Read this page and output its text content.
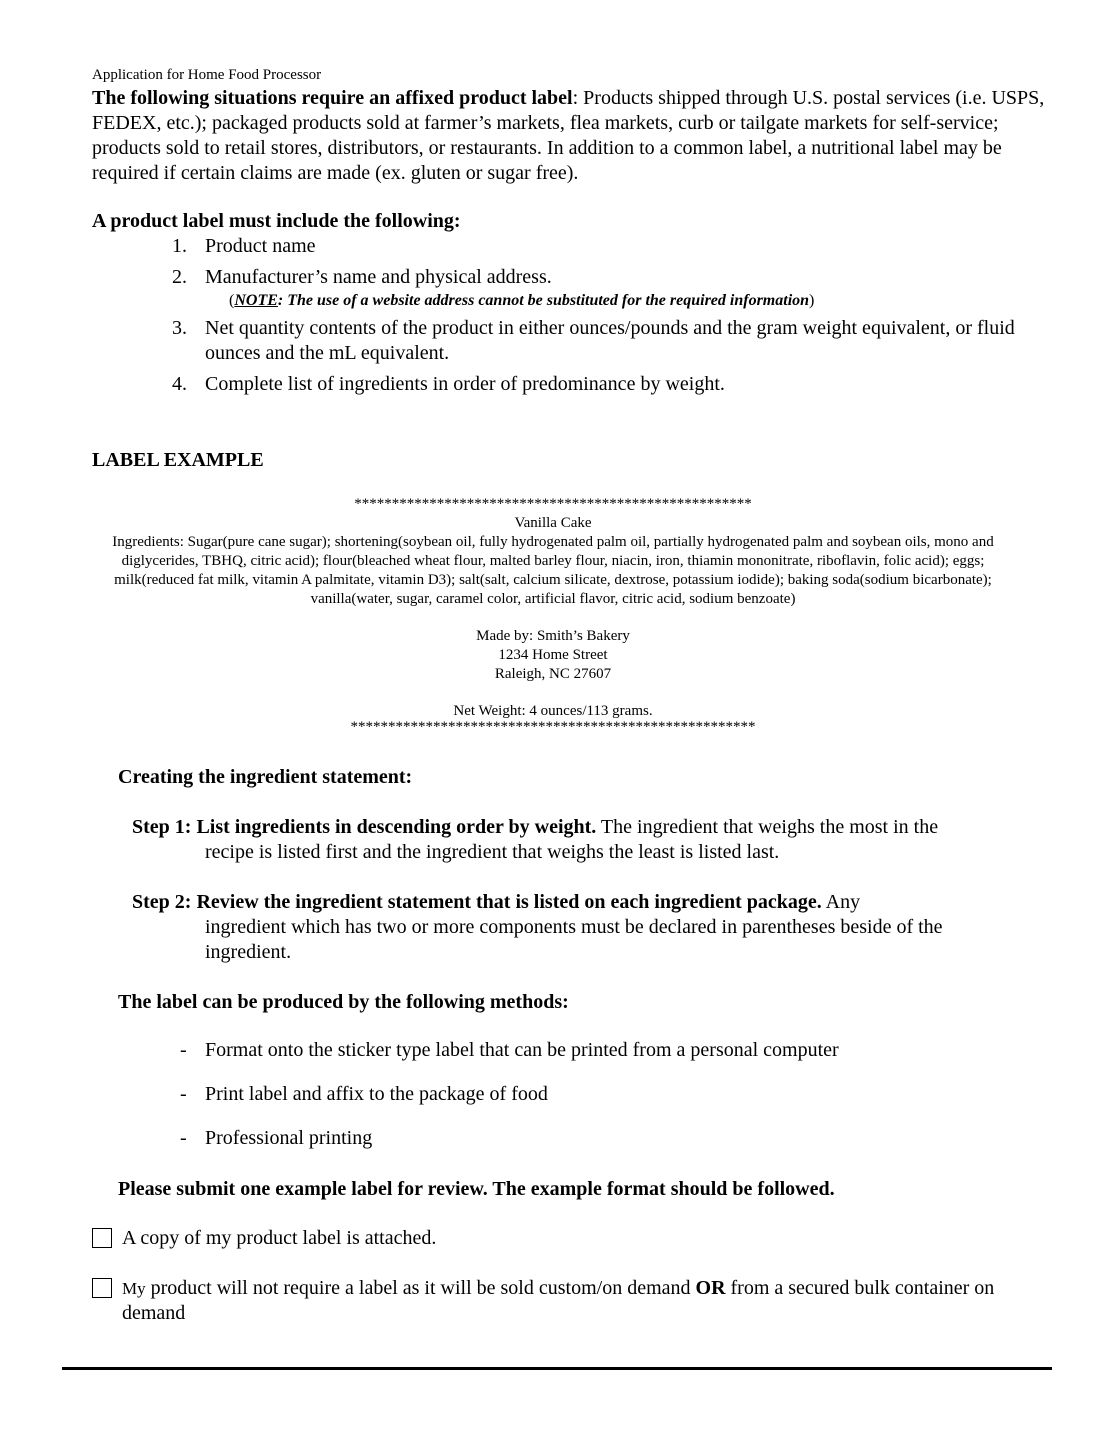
Application for Home Food Processor
The following situations require an affixed product label: Products shipped through U.S. postal services (i.e. USPS, FEDEX, etc.); packaged products sold at farmer’s markets, flea markets, curb or tailgate markets for self-service; products sold to retail stores, distributors, or restaurants. In addition to a common label, a nutritional label may be required if certain claims are made (ex. gluten or sugar free).
A product label must include the following:
1. Product name
2. Manufacturer’s name and physical address.
(NOTE: The use of a website address cannot be substituted for the required information)
3. Net quantity contents of the product in either ounces/pounds and the gram weight equivalent, or fluid ounces and the mL equivalent.
4. Complete list of ingredients in order of predominance by weight.
LABEL EXAMPLE

*****************************************************

Vanilla Cake

Ingredients: Sugar(pure cane sugar); shortening(soybean oil, fully hydrogenated palm oil, partially hydrogenated palm and soybean oils, mono and diglycerides, TBHQ, citric acid); flour(bleached wheat flour, malted barley flour, niacin, iron, thiamin mononitrate, riboflavin, folic acid); eggs; milk(reduced fat milk, vitamin A palmitate, vitamin D3); salt(salt, calcium silicate, dextrose, potassium iodide); baking soda(sodium bicarbonate); vanilla(water, sugar, caramel color, artificial flavor, citric acid, sodium benzoate)

Made by: Smith’s Bakery

1234 Home Street

Raleigh, NC 27607

Net Weight: 4 ounces/113 grams.

******************************************************

Creating the ingredient statement:
Step 1: List ingredients in descending order by weight. The ingredient that weighs the most in the
recipe is listed first and the ingredient that weighs the least is listed last.
Step 2: Review the ingredient statement that is listed on each ingredient package. Any
ingredient which has two or more components must be declared in parentheses beside of the ingredient.
The label can be produced by the following methods:
- Format onto the sticker type label that can be printed from a personal computer
- Print label and affix to the package of food
- Professional printing
Please submit one example label for review. The example format should be followed.
A copy of my product label is attached.
My product will not require a label as it will be sold custom/on demand OR from a secured bulk container on demand
